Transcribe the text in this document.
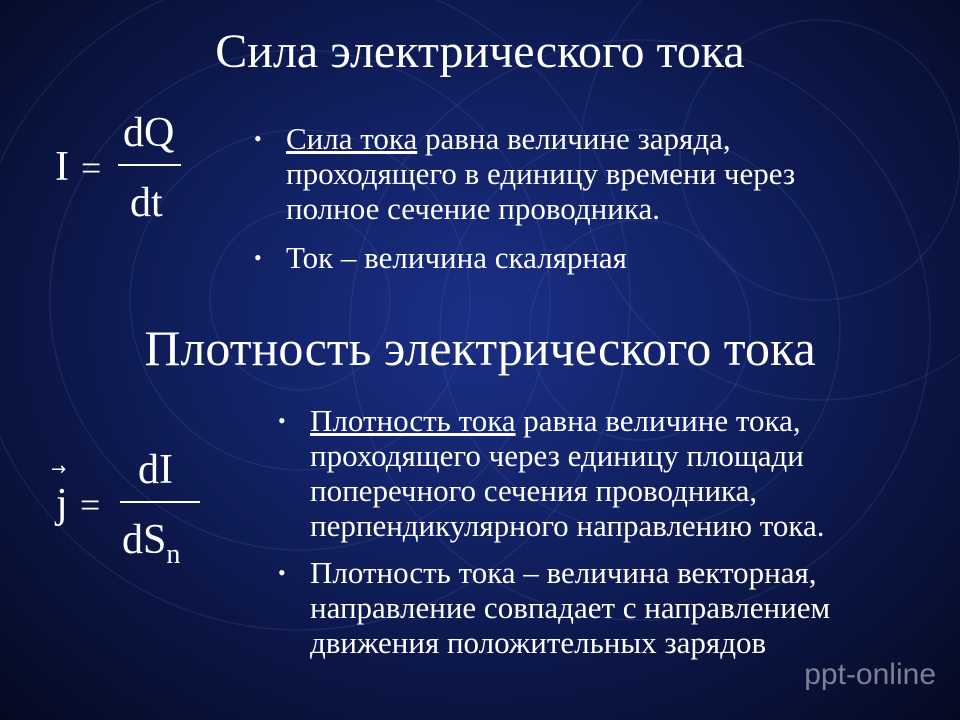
Сила электрического тока
I =
dQ
dt
• Сила тока равна величине заряда,
проходящего в единицу времени через
полное сечение проводника.
• Ток – величина скалярная
Плотность электрического тока
→
j =
dI
$dS_n$
• Плотность тока равна величине тока,
проходящего через единицу площади
поперечного сечения проводника,
перпендикулярного направлению тока.
• Плотность тока – величина векторная,
направление совпадает с направлением
движения положительных зарядов
ppt-online
